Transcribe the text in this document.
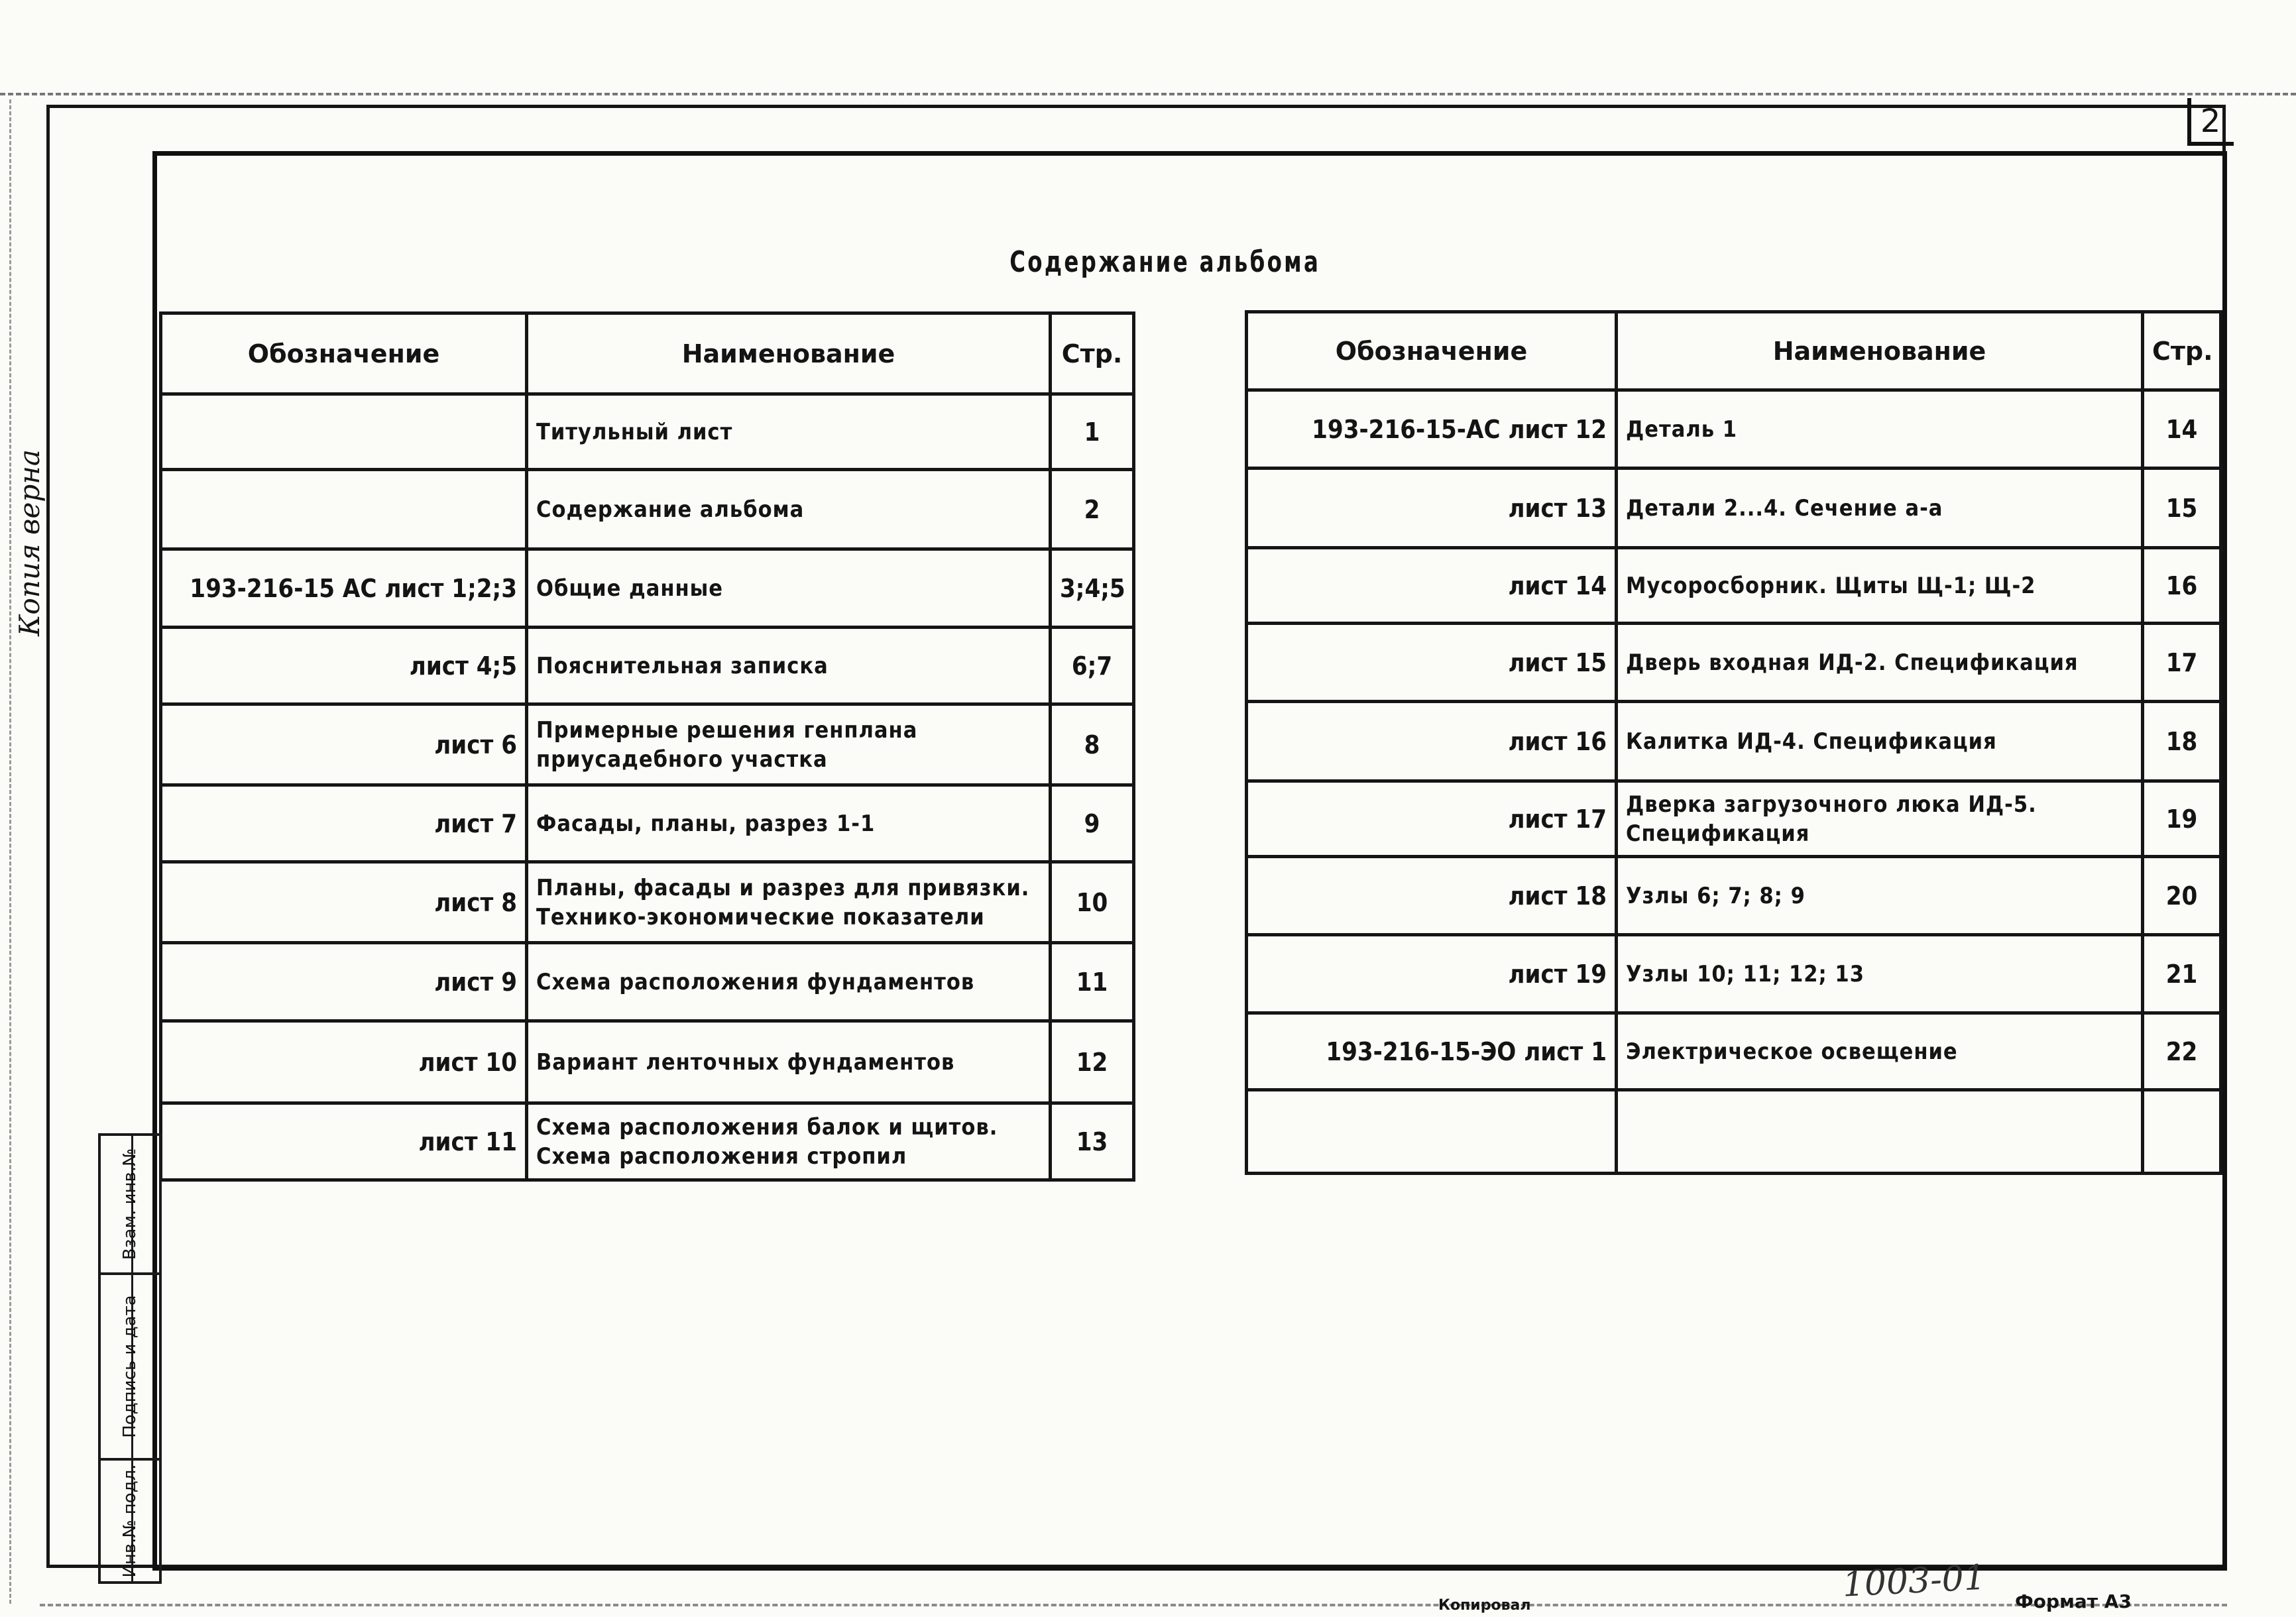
2
Содержание альбома
Обозначение	Наименование	Стр.

	Титульный лист	1

	Содержание альбома	2
193-216-15 АС лист 1;2;3	Общие данные	3;4;5
лист 4;5	Пояснительная записка	6;7
лист 6	Примерные решения генплана
приусадебного участка	8
лист 7	Фасады, планы, разрез 1-1	9
лист 8	Планы, фасады и разрез для привязки.
Технико-экономические показатели	10
лист 9	Схема расположения фундаментов	11
лист 10	Вариант ленточных фундаментов	12
лист 11	Схема расположения балок и щитов.
Схема расположения стропил	13
Обозначение	Наименование	Стр.
193-216-15-АС лист 12	Деталь 1	14
лист 13	Детали 2...4. Сечение а-а	15
лист 14	Мусоросборник. Щиты Щ-1; Щ-2	16
лист 15	Дверь входная ИД-2. Спецификация	17
лист 16	Калитка ИД-4. Спецификация	18
лист 17	Дверка загрузочного люка ИД-5.
Спецификация	19
лист 18	Узлы 6; 7; 8; 9	20
лист 19	Узлы 10; 11; 12; 13	21
193-216-15-ЭО лист 1	Электрическое освещение	22

Взам. инв.№
Подпись и дата
Инв.№ подл.
Копия верна
1003-01
Копировал	Формат А3
